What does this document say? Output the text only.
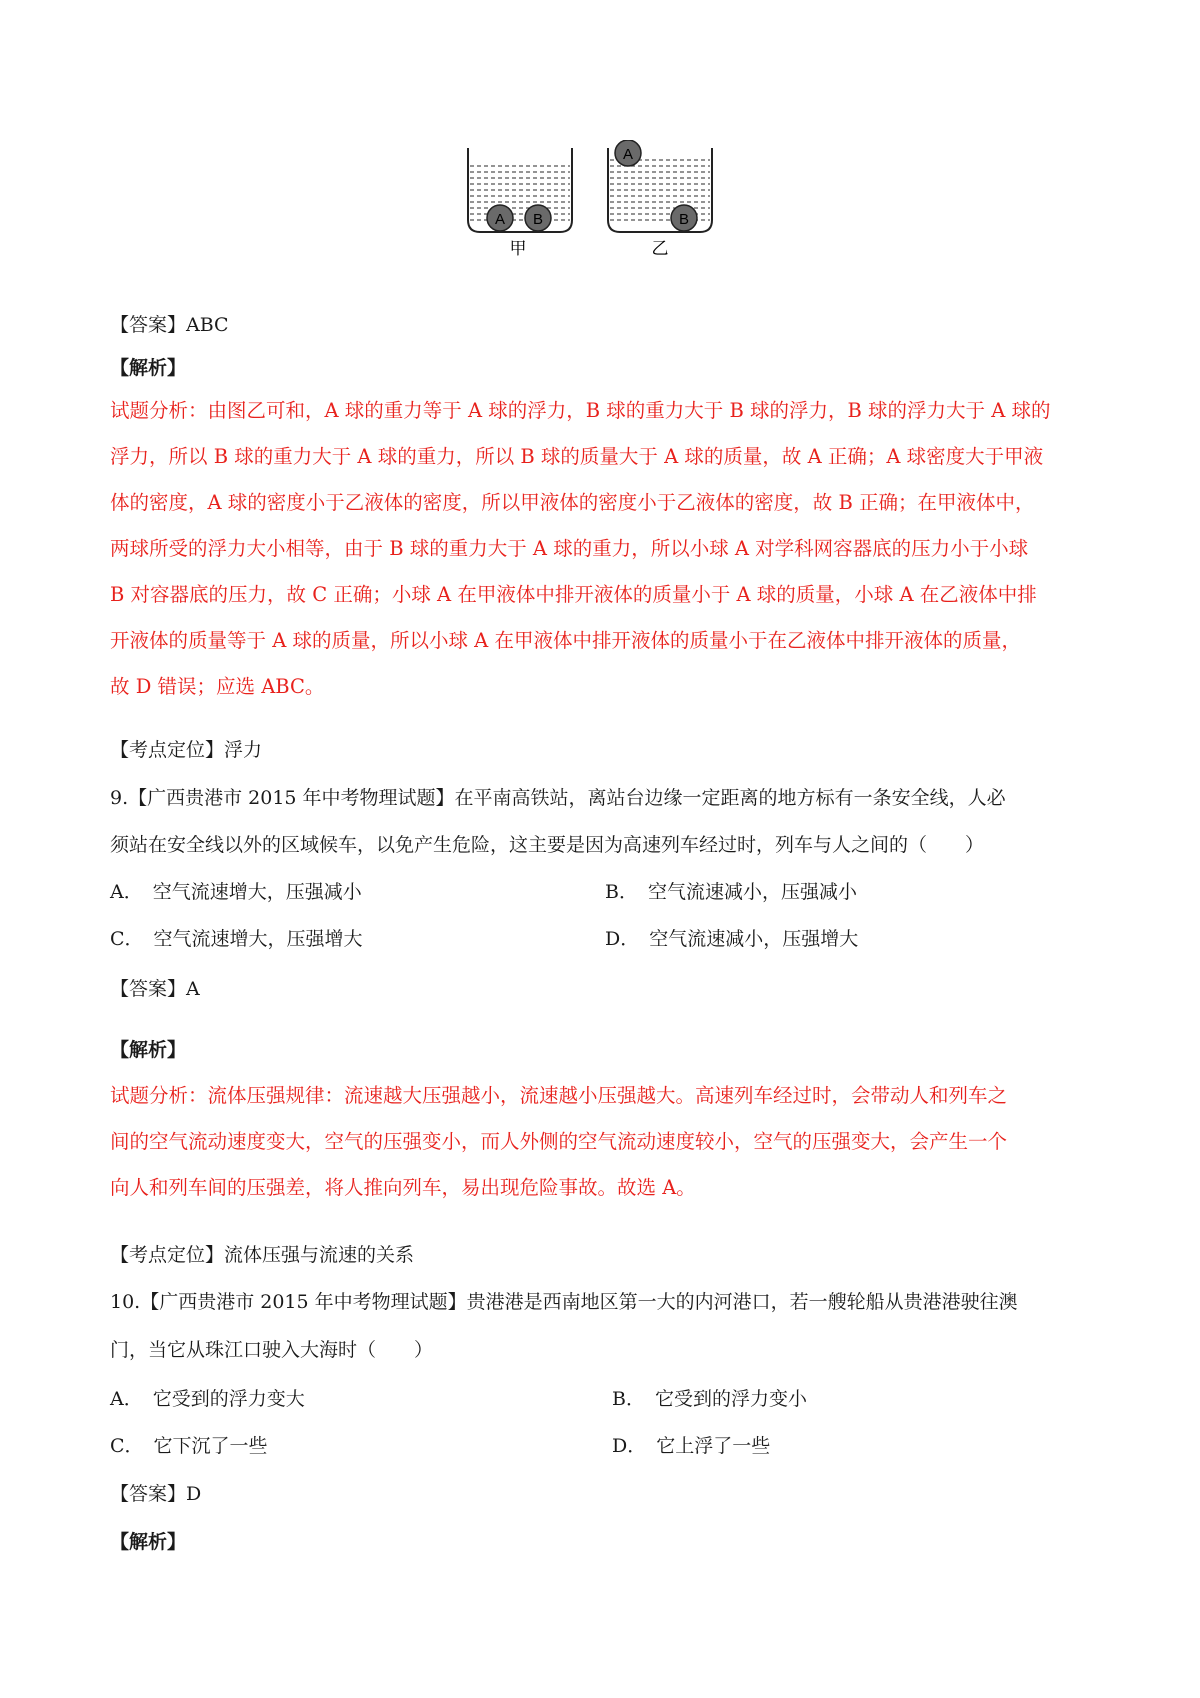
A B
甲
A
B
乙
【答案】ABC
【解析】
试题分析：由图乙可和，A 球的重力等于 A 球的浮力，B 球的重力大于 B 球的浮力，B 球的浮力大于 A 球的
浮力，所以 B 球的重力大于 A 球的重力，所以 B 球的质量大于 A 球的质量，故 A 正确；A 球密度大于甲液
体的密度，A 球的密度小于乙液体的密度，所以甲液体的密度小于乙液体的密度，故 B 正确；在甲液体中，
两球所受的浮力大小相等，由于 B 球的重力大于 A 球的重力，所以小球 A 对学科网容器底的压力小于小球
B 对容器底的压力，故 C 正确；小球 A 在甲液体中排开液体的质量小于 A 球的质量，小球 A 在乙液体中排
开液体的质量等于 A 球的质量，所以小球 A 在甲液体中排开液体的质量小于在乙液体中排开液体的质量，
故 D 错误；应选 ABC。
【考点定位】浮力
9.【广西贵港市 2015 年中考物理试题】在平南高铁站，离站台边缘一定距离的地方标有一条安全线，人必
须站在安全线以外的区域候车，以免产生危险，这主要是因为高速列车经过时，列车与人之间的（　　）
A． 空气流速增大，压强减小	B． 空气流速减小，压强减小
C． 空气流速增大，压强增大	D． 空气流速减小，压强增大
【答案】A
【解析】
试题分析：流体压强规律：流速越大压强越小，流速越小压强越大。高速列车经过时，会带动人和列车之
间的空气流动速度变大，空气的压强变小，而人外侧的空气流动速度较小，空气的压强变大，会产生一个
向人和列车间的压强差，将人推向列车，易出现危险事故。故选 A。
【考点定位】流体压强与流速的关系
10.【广西贵港市 2015 年中考物理试题】贵港港是西南地区第一大的内河港口，若一艘轮船从贵港港驶往澳
门，当它从珠江口驶入大海时（　　）
A． 它受到的浮力变大	B． 它受到的浮力变小
C． 它下沉了一些	D． 它上浮了一些
【答案】D
【解析】
